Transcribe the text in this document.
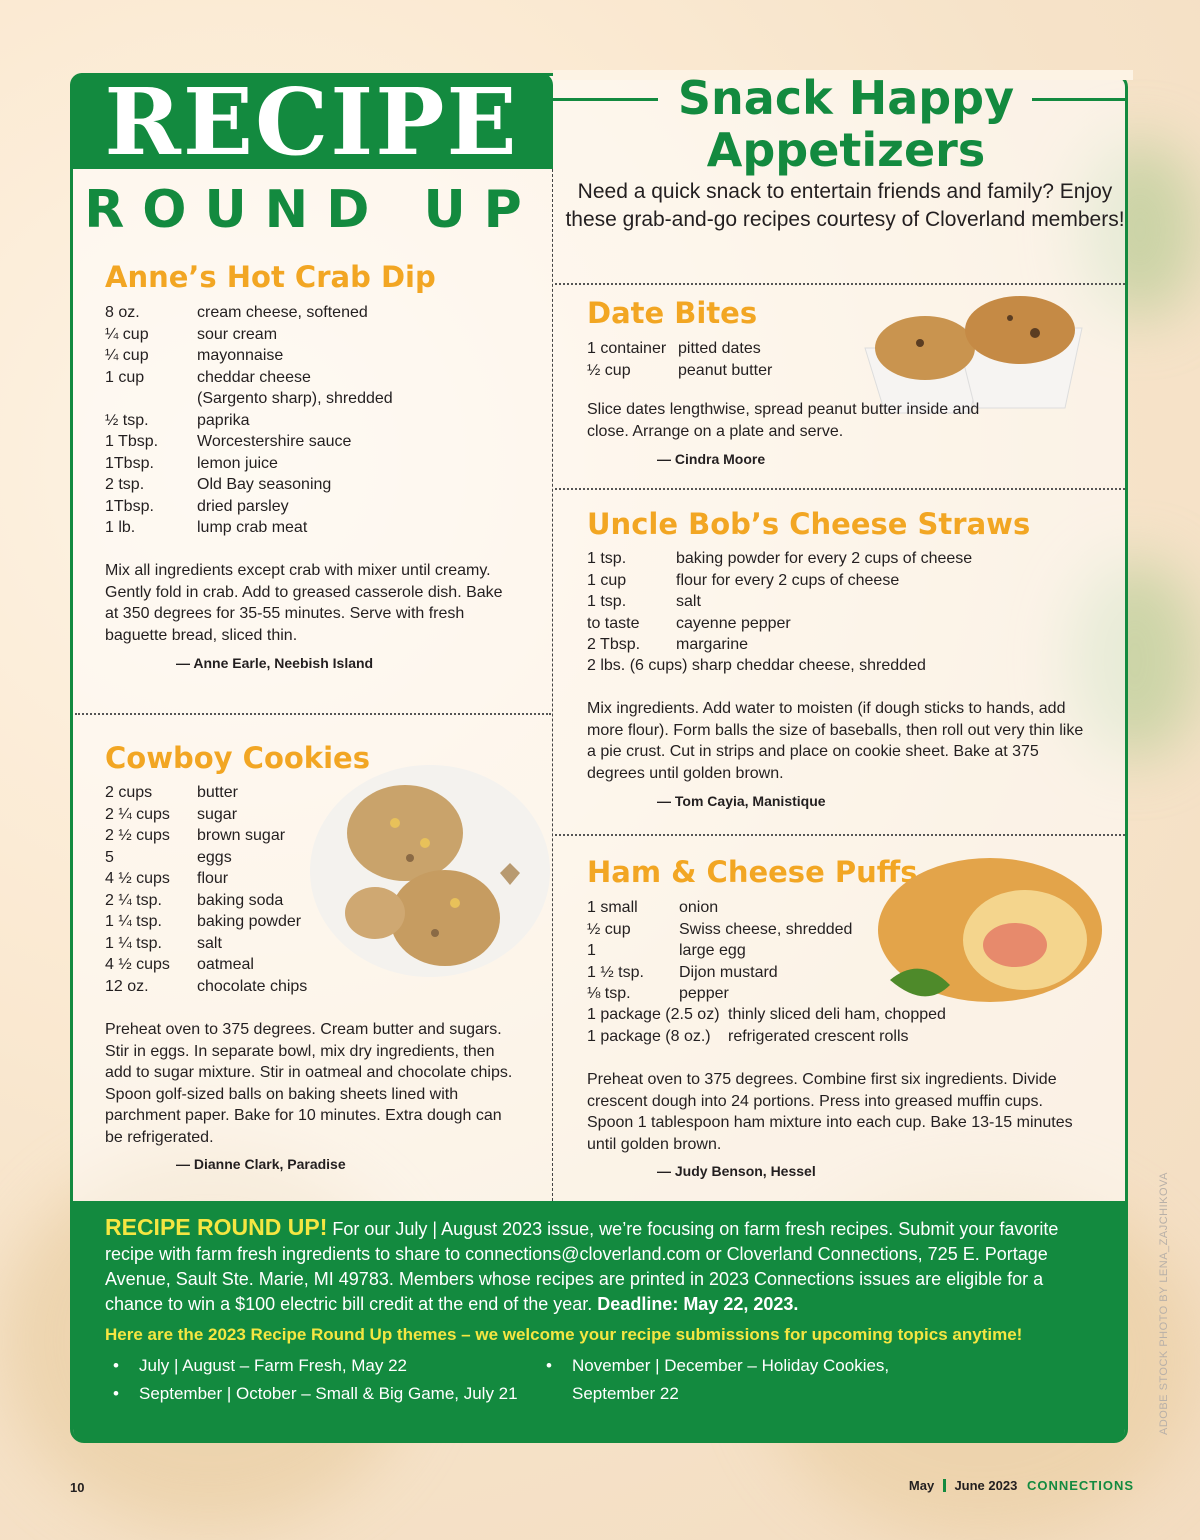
RECIPE
ROUND UP
Snack Happy
Appetizers
Need a quick snack to entertain friends and family? Enjoy these grab-and-go recipes courtesy of Cloverland members!
Anne’s Hot Crab Dip
8 oz.	cream cheese, softened
¼ cup	sour cream
¼ cup	mayonnaise
1 cup	cheddar cheese
(Sargento sharp), shredded
½ tsp.	paprika
1 Tbsp.	Worcestershire sauce
1Tbsp.	lemon juice
2 tsp.	Old Bay seasoning
1Tbsp.	dried parsley
1 lb.	lump crab meat
Mix all ingredients except crab with mixer until creamy. Gently fold in crab. Add to greased casserole dish. Bake at 350 degrees for 35-55 minutes. Serve with fresh baguette bread, sliced thin.
— Anne Earle, Neebish Island
Cowboy Cookies
2 cups	butter
2 ¼ cups	sugar
2 ½ cups	brown sugar
5	eggs
4 ½ cups	flour
2 ¼ tsp.	baking soda
1 ¼ tsp.	baking powder
1 ¼ tsp.	salt
4 ½ cups	oatmeal
12 oz.	chocolate chips
Preheat oven to 375 degrees. Cream butter and sugars. Stir in eggs. In separate bowl, mix dry ingredients, then add to sugar mixture. Stir in oatmeal and chocolate chips. Spoon golf-sized balls on baking sheets lined with parchment paper. Bake for 10 minutes. Extra dough can be refrigerated.
— Dianne Clark, Paradise
Date Bites
1 container pitted dates
½ cup	peanut butter
Slice dates lengthwise, spread peanut butter inside and close. Arrange on a plate and serve.
— Cindra Moore
Uncle Bob’s Cheese Straws
1 tsp.	baking powder for every 2 cups of cheese
1 cup	flour for every 2 cups of cheese
1 tsp.	salt
to taste	cayenne pepper
2 Tbsp.	margarine
2 lbs. (6 cups) sharp cheddar cheese, shredded
Mix ingredients. Add water to moisten (if dough sticks to hands, add more flour). Form balls the size of baseballs, then roll out very thin like a pie crust. Cut in strips and place on cookie sheet. Bake at 375 degrees until golden brown.
— Tom Cayia, Manistique
Ham & Cheese Puffs
1 small	onion
½ cup	Swiss cheese, shredded
1	large egg
1 ½ tsp.	Dijon mustard
⅛ tsp.	pepper
1 package (2.5 oz) thinly sliced deli ham, chopped
1 package (8 oz.)	refrigerated crescent rolls
Preheat oven to 375 degrees. Combine first six ingredients. Divide crescent dough into 24 portions. Press into greased muffin cups. Spoon 1 tablespoon ham mixture into each cup. Bake 13-15 minutes until golden brown.
— Judy Benson, Hessel
RECIPE ROUND UP! For our July | August 2023 issue, we’re focusing on farm fresh recipes. Submit your favorite recipe with farm fresh ingredients to share to connections@cloverland.com or Cloverland Connections, 725 E. Portage Avenue, Sault Ste. Marie, MI 49783. Members whose recipes are printed in 2023 Connections issues are eligible for a chance to win a $100 electric bill credit at the end of the year. Deadline: May 22, 2023.
Here are the 2023 Recipe Round Up themes – we welcome your recipe submissions for upcoming topics anytime!
• July | August – Farm Fresh, May 22
• September | October – Small & Big Game, July 21
• November | December – Holiday Cookies,
September 22	ADOBE STOCK PHOTO BY LENA_ZAJCHIKOVA
10	May June 2023 CONNECTIONS
